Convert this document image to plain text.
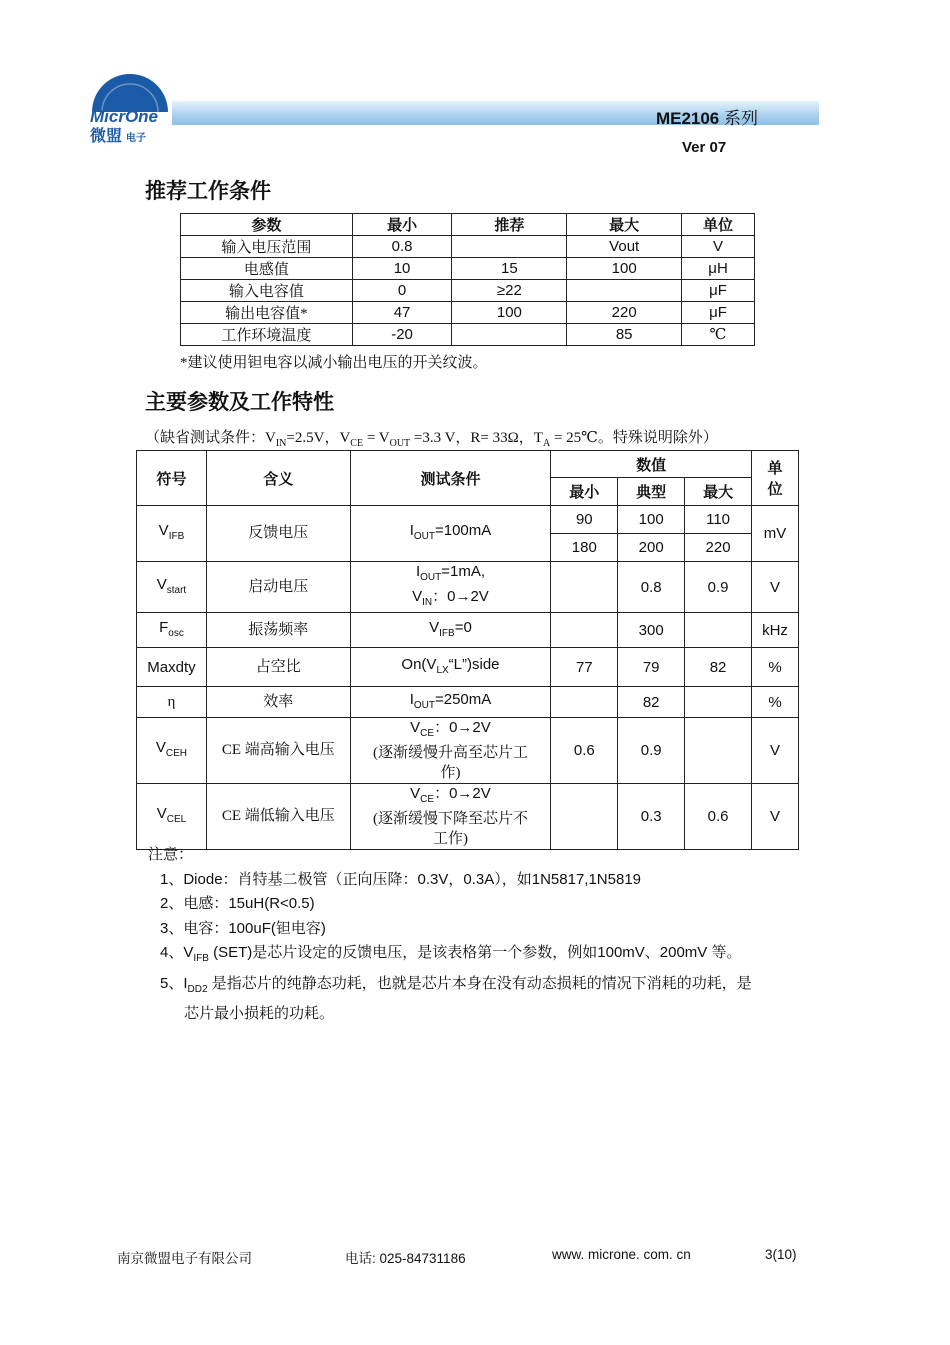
MicrOne
微盟 电子
ME2106 系列
Ver 07
推荐工作条件
参数	最小	推荐	最大	单位
输入电压范围	0.8		Vout	V
电感值	10	15	100	μH
输入电容值	0	≥22		μF
输出电容值*	47	100	220	μF
工作环境温度	-20		85	℃
*建议使用钽电容以减小输出电压的开关纹波。
主要参数及工作特性
（缺省测试条件：$V_{IN}=2.5V$，$V_{CE} = V_{OUT} =3.3$ V，R= 33Ω，$T_A$ = 25℃。特殊说明除外）
符号	含义	测试条件	数值			单
位
			最小	典型	最大	
$V_{IFB}$	反馈电压	$I_{OUT}=100mA$	90	100	110	mV
			180	200	220	
$V_{start}$	启动电压	$I_{OUT}=1mA$,
$V_{IN}$：0→2V		0.8	0.9	V
$F_{osc}$	振荡频率	$V_{IFB}=0$		300		kHz
Maxdty	占空比	$On(V_{LX}“L”)side$	77	79	82	%
η	效率	$I_{OUT}=250mA$		82		%
$V_{CEH}$	CE 端高输入电压	$V_{CE}$：0→2V
(逐渐缓慢升高至芯片工
作)	0.6	0.9		V
$V_{CEL}$	CE 端低输入电压	$V_{CE}$：0→2V
(逐渐缓慢下降至芯片不
工作)		0.3	0.6	V
注意：
1、Diode：肖特基二极管（正向压降：0.3V，0.3A），如1N5817,1N5819
2、电感：15uH(R<0.5)
3、电容：100uF(钽电容)
4、$V_{IFB}$ (SET)是芯片设定的反馈电压，是该表格第一个参数，例如100mV、200mV 等。
5、$I_{DD2}$ 是指芯片的纯静态功耗，也就是芯片本身在没有动态损耗的情况下消耗的功耗，是
芯片最小损耗的功耗。
南京微盟电子有限公司	电话: 025-84731186	www. microne. com. cn	3(10)
